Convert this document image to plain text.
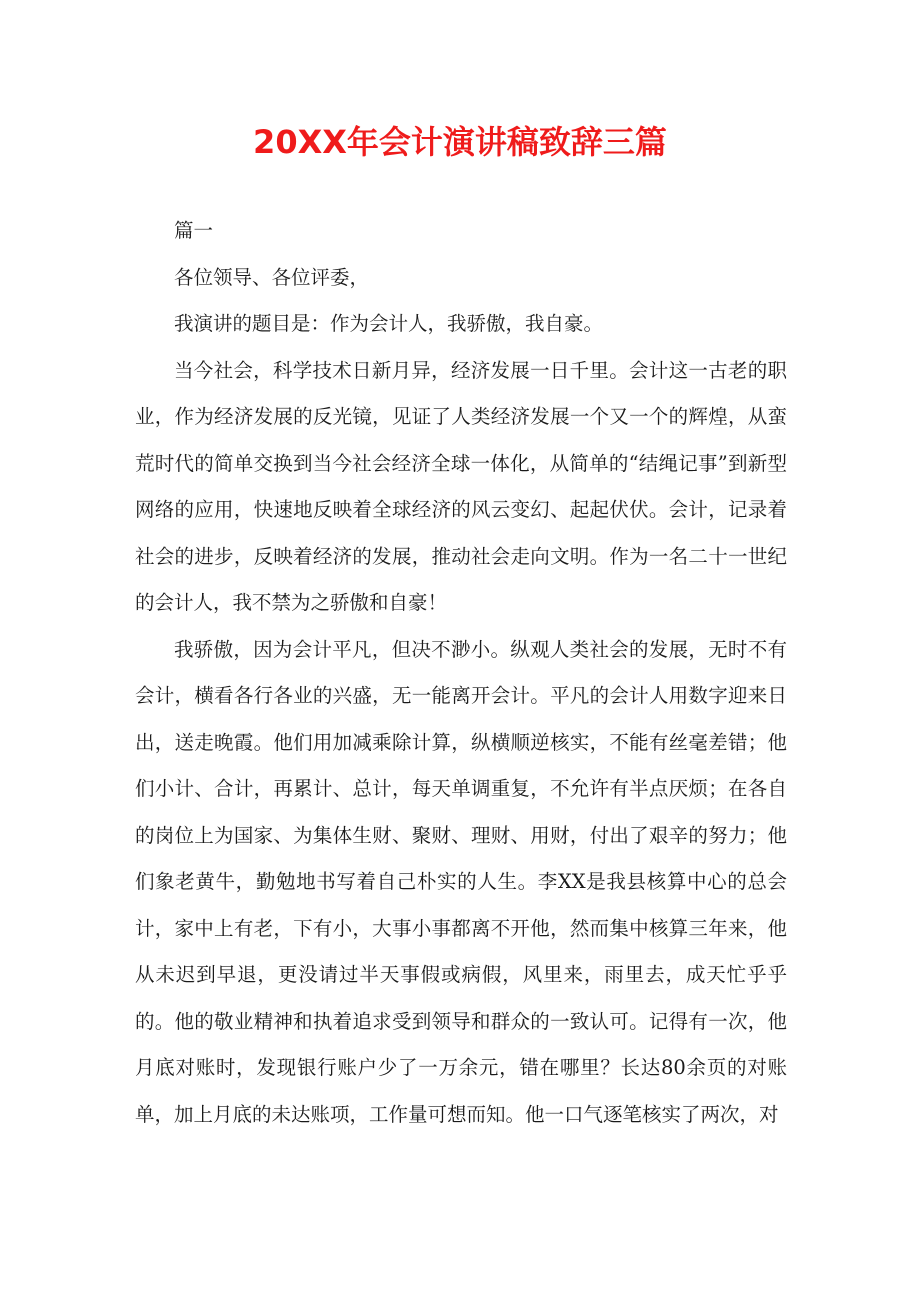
20XX年会计演讲稿致辞三篇

篇一

各位领导、各位评委，

我演讲的题目是：作为会计人，我骄傲，我自豪。

当今社会，科学技术日新月异，经济发展一日千里。会计这一古老的职业，作为经济发展的反光镜，见证了人类经济发展一个又一个的辉煌，从蛮荒时代的简单交换到当今社会经济全球一体化，从简单的“结绳记事”到新型网络的应用，快速地反映着全球经济的风云变幻、起起伏伏。会计，记录着社会的进步，反映着经济的发展，推动社会走向文明。作为一名二十一世纪的会计人，我不禁为之骄傲和自豪！

我骄傲，因为会计平凡，但决不渺小。纵观人类社会的发展，无时不有会计，横看各行各业的兴盛，无一能离开会计。平凡的会计人用数字迎来日出，送走晚霞。他们用加减乘除计算，纵横顺逆核实，不能有丝毫差错；他们小计、合计，再累计、总计，每天单调重复，不允许有半点厌烦；在各自的岗位上为国家、为集体生财、聚财、理财、用财，付出了艰辛的努力；他们象老黄牛，勤勉地书写着自己朴实的人生。李XX是我县核算中心的总会计，家中上有老，下有小，大事小事都离不开他，然而集中核算三年来，他从未迟到早退，更没请过半天事假或病假，风里来，雨里去，成天忙乎乎的。他的敬业精神和执着追求受到领导和群众的一致认可。记得有一次，他月底对账时，发现银行账户少了一万余元，错在哪里？长达80余页的对账单，加上月底的未达账项，工作量可想而知。他一口气逐笔核实了两次，对
